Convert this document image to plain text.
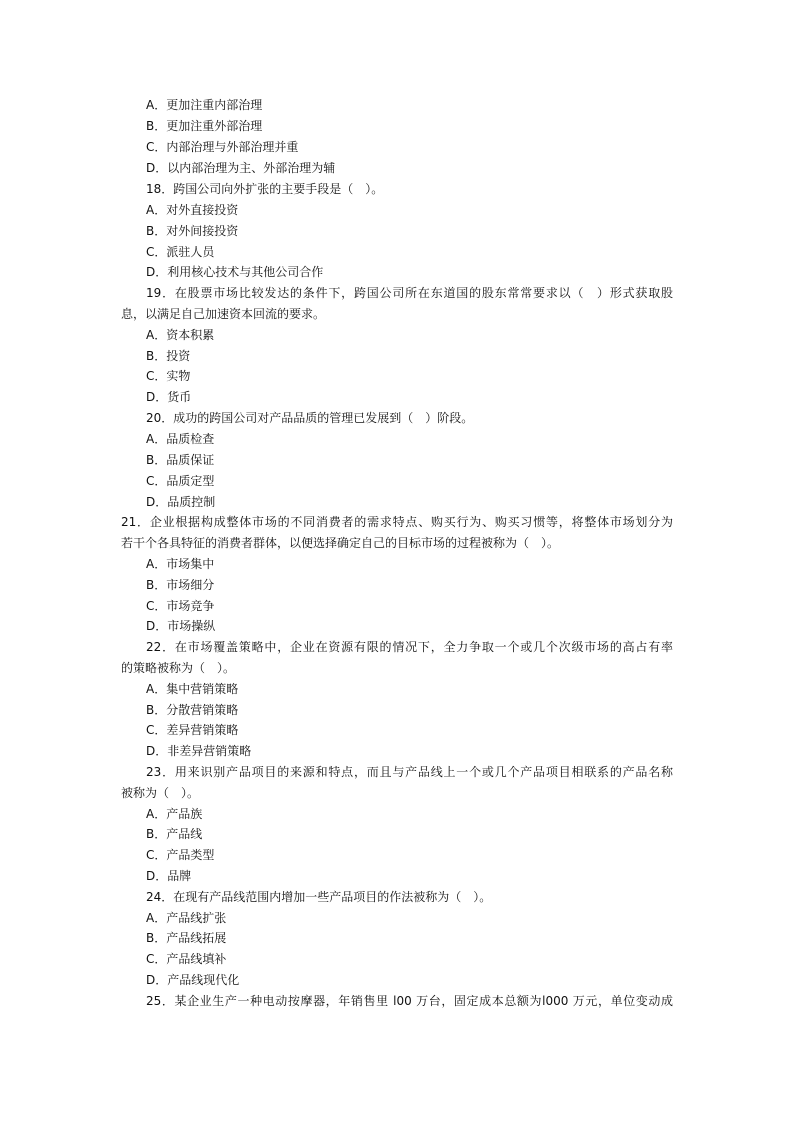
A．更加注重内部治理
B．更加注重外部治理
C．内部治理与外部治理并重
D．以内部治理为主、外部治理为辅
18．跨国公司向外扩张的主要手段是（　）。
A．对外直接投资
B．对外间接投资
C．派驻人员
D．利用核心技术与其他公司合作
19．在股票市场比较发达的条件下，跨国公司所在东道国的股东常常要求以（　）形式获取股
息，以满足自己加速资本回流的要求。
A．资本积累
B．投资
C．实物
D．货币
20．成功的跨国公司对产品品质的管理已发展到（　）阶段。
A．品质检查
B．品质保证
C．品质定型
D．品质控制
21．企业根据构成整体市场的不同消费者的需求特点、购买行为、购买习惯等，将整体市场划分为
若干个各具特征的消费者群体，以便选择确定自己的目标市场的过程被称为（　）。
A．市场集中
B．市场细分
C．市场竞争
D．市场操纵
22．在市场覆盖策略中，企业在资源有限的情况下，全力争取一个或几个次级市场的高占有率
的策略被称为（　）。
A．集中营销策略
B．分散营销策略
C．差异营销策略
D．非差异营销策略
23．用来识别产品项目的来源和特点，而且与产品线上一个或几个产品项目相联系的产品名称
被称为（　）。
A．产品族
B．产品线
C．产品类型
D．品牌
24．在现有产品线范围内增加一些产品项目的作法被称为（　）。
A．产品线扩张
B．产品线拓展
C．产品线填补
D．产品线现代化
25．某企业生产一种电动按摩器，年销售里 l00 万台，固定成本总额为l000 万元，单位变动成
